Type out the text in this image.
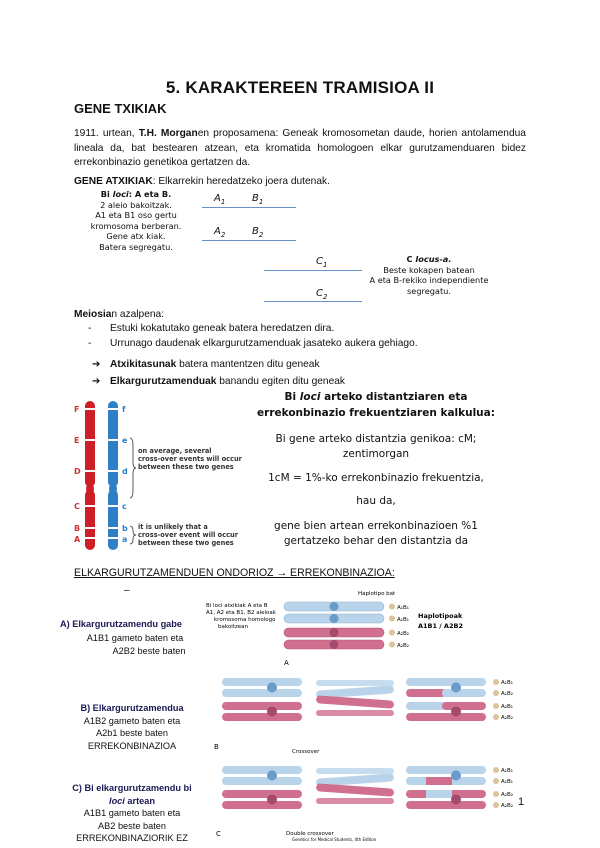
5. KARAKTEREEN TRAMISIOA II
GENE TXIKIAK
1911. urtean, T.H. Morganen proposamena: Geneak kromosometan daude, horien antolamendua lineala da, bat bestearen atzean, eta kromatida homologoen elkar gurutzamenduaren bidez errekonbinazio genetikoa gertatzen da.
GENE ATXIKIAK: Elkarrekin heredatzeko joera dutenak.
Bi loci: A eta B.
2 aleio bakoitzak.
A1 eta B1 oso gertu
kromosoma berberan.
Gene atx kiak.
Batera segregatu.
$A_1$	$B_1$
$A_2$	$B_2$
$C_1$
$C_2$
C locus-a.
Beste kokapen batean
A eta B-rekiko independiente
segregatu.
Meiosian azalpena:
- Estuki kokatutako geneak batera heredatzen dira.
- Urrunago daudenak elkargurutzamenduak jasateko aukera gehiago.
➔ Atxikitasunak batera mantentzen ditu geneak
➔ Elkargurutzamenduak banandu egiten ditu geneak
F
E
D
C
B
A
f
e
d
c
b
a
on average, several
cross-over events will occur
between these two genes
it is unlikely that a
cross-over event will occur
between these two genes
Bi loci arteko distantziaren eta
errekonbinazio frekuentziaren kalkulua:
Bi gene arteko distantzia genikoa: cM;
zentimorgan
1cM = 1%-ko errekonbinazio frekuentzia,
hau da,
gene bien artean errekonbinazioen %1
gertatzeko behar den distantzia da
ELKARGURUTZAMENDUEN ONDORIOZ → ERREKONBINAZIOA:
–
A) Elkargurutzamendu gabe
A1B1 gameto baten eta
A2B2 beste baten
B) Elkargurutzamendua
A1B2 gameto baten eta
A2b1 beste baten
ERREKONBINAZIOA
C) Bi elkargurutzamendu bi
loci artean
A1B1 gameto baten eta
AB2 beste baten
ERREKONBINAZIORIK EZ
Bi loci atxikiak A eta B
A1, A2 eta B1, B2 aleloak
kromosoma homologo
bakoitzean
Haplotipo bat
A₁B₁
A₁B₁
A₂B₂
A₂B₂
Haplotipoak
A1B1 / A2B2
A
A₁B₁
A₁B₂
A₂B₁
A₂B₂
Crossover
B
A₁B₁
A₁B₁
A₂B₂
A₂B₂
Double crossover
Genetics for Medical Students, 4th Edition
C
1
